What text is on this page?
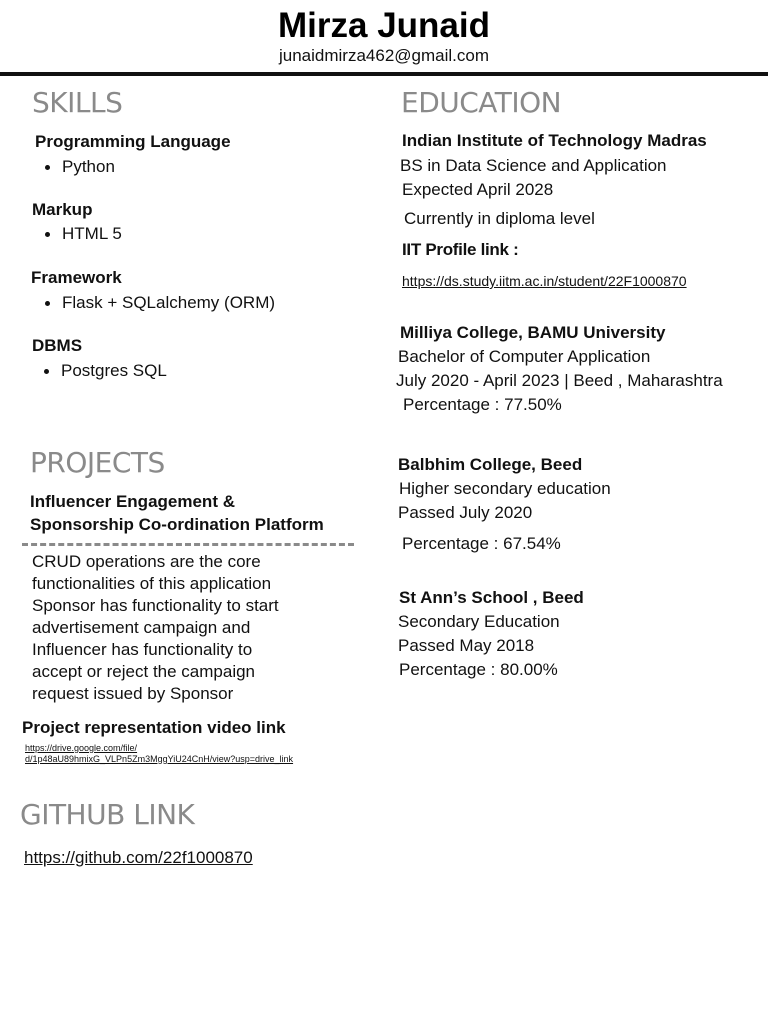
Mirza Junaid
junaidmirza462@gmail.com
SKILLS
Programming Language
Python
Markup
HTML 5
Framework
Flask + SQLalchemy (ORM)
DBMS
Postgres SQL
PROJECTS
Influencer Engagement &
Sponsorship Co-ordination Platform
CRUD operations are the core
functionalities of this application
Sponsor has functionality to start
advertisement campaign and
Influencer has functionality to
accept or reject the campaign
request issued by Sponsor
Project representation video link
https://drive.google.com/file/
d/1p48aU89hmixG_VLPn5Zm3MggYiU24CnH/view?usp=drive_link
GITHUB LINK
https://github.com/22f1000870
EDUCATION
Indian Institute of Technology Madras
BS in Data Science and Application
Expected April 2028
Currently in diploma level
IIT Profile link :
https://ds.study.iitm.ac.in/student/22F1000870
Milliya College, BAMU University
Bachelor of Computer Application
July 2020 - April 2023 | Beed , Maharashtra
Percentage : 77.50%
Balbhim College, Beed
Higher secondary education
Passed July 2020
Percentage : 67.54%
St Ann’s School , Beed
Secondary Education
Passed May 2018
Percentage : 80.00%
